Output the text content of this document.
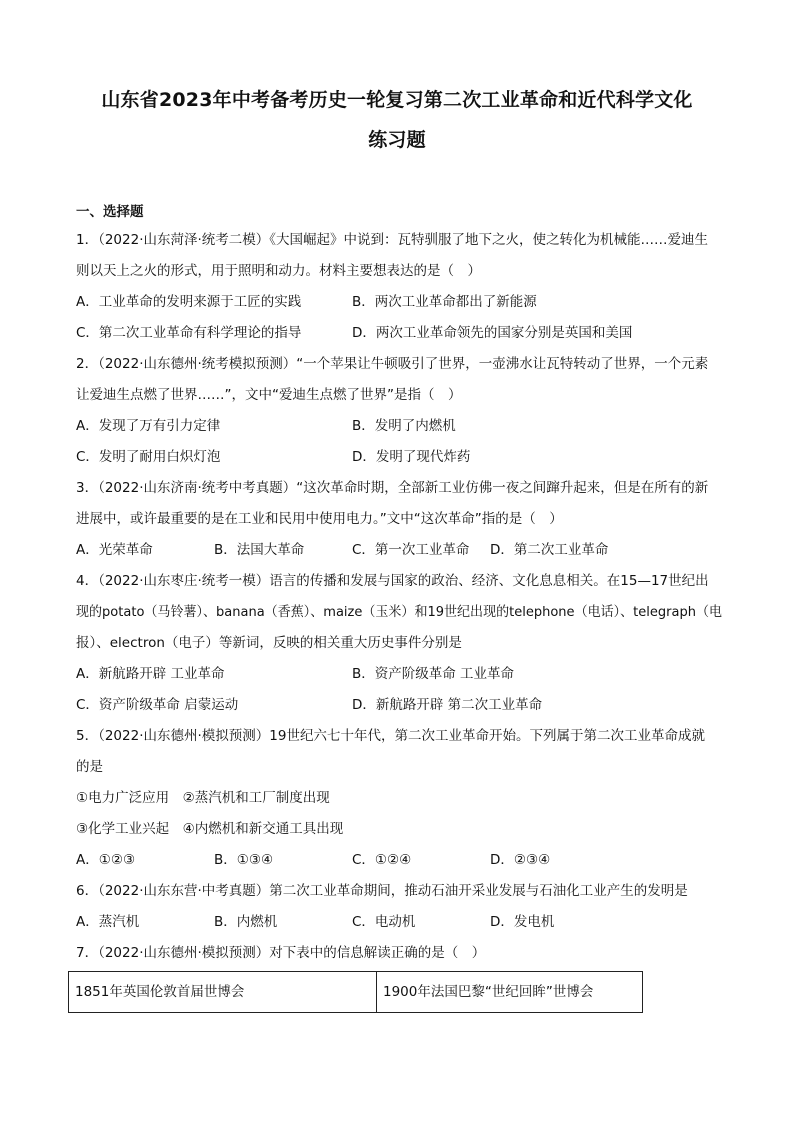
山东省2023年中考备考历史一轮复习第二次工业革命和近代科学文化
练习题
一、选择题
1．（2022·山东菏泽·统考二模）《大国崛起》中说到：瓦特驯服了地下之火，使之转化为机械能……爱迪生
则以天上之火的形式，用于照明和动力。材料主要想表达的是（　）
A．工业革命的发明来源于工匠的实践	B．两次工业革命都出了新能源
C．第二次工业革命有科学理论的指导	D．两次工业革命领先的国家分别是英国和美国
2．（2022·山东德州·统考模拟预测）“一个苹果让牛顿吸引了世界，一壶沸水让瓦特转动了世界，一个元素
让爱迪生点燃了世界……”，文中“爱迪生点燃了世界”是指（　）
A．发现了万有引力定律	B．发明了内燃机
C．发明了耐用白炽灯泡	D．发明了现代炸药
3．（2022·山东济南·统考中考真题）“这次革命时期，全部新工业仿佛一夜之间蹿升起来，但是在所有的新
进展中，或许最重要的是在工业和民用中使用电力。”文中“这次革命”指的是（　）
A．光荣革命	B．法国大革命	C．第一次工业革命	D．第二次工业革命
4．（2022·山东枣庄·统考一模）语言的传播和发展与国家的政治、经济、文化息息相关。在15—17世纪出
现的potato（马铃薯）、banana（香蕉）、maize（玉米）和19世纪出现的telephone（电话）、telegraph（电
报）、electron（电子）等新词，反映的相关重大历史事件分别是
A．新航路开辟 工业革命	B．资产阶级革命 工业革命
C．资产阶级革命 启蒙运动	D．新航路开辟 第二次工业革命
5．（2022·山东德州·模拟预测）19世纪六七十年代，第二次工业革命开始。下列属于第二次工业革命成就
的是
①电力广泛应用　②蒸汽机和工厂制度出现
③化学工业兴起　④内燃机和新交通工具出现
A．①②③	B．①③④	C．①②④	D．②③④
6．（2022·山东东营·中考真题）第二次工业革命期间，推动石油开采业发展与石油化工业产生的发明是
A．蒸汽机	B．内燃机	C．电动机	D．发电机
7．（2022·山东德州·模拟预测）对下表中的信息解读正确的是（　）
1851年英国伦敦首届世博会	1900年法国巴黎“世纪回眸”世博会
